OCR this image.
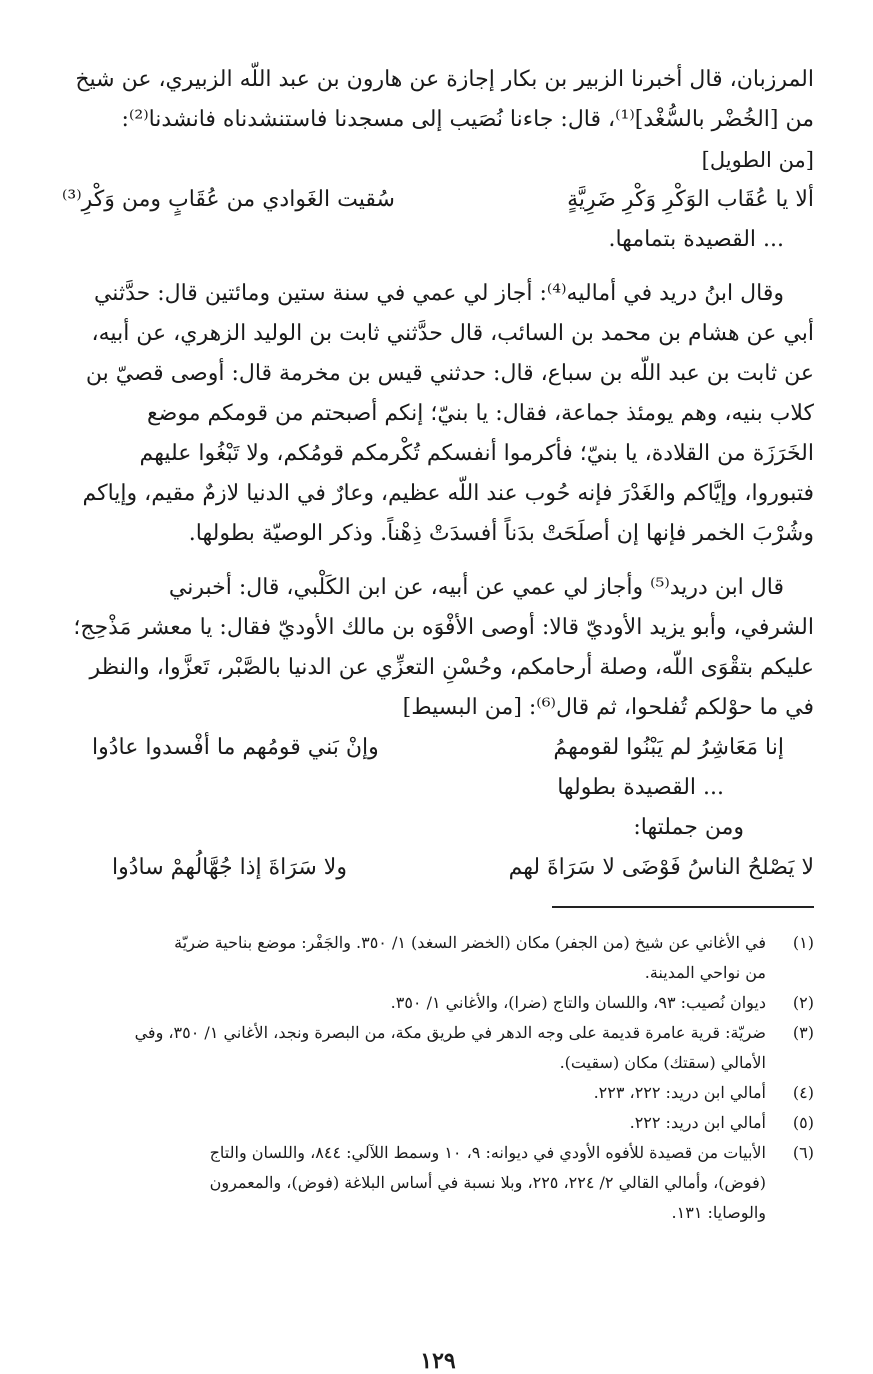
المرزبان، قال أخبرنا الزبير بن بكار إجازة عن هارون بن عبد اللّه الزبيري، عن شيخ
من [الخُضْر بالسُّغْد]⁽¹⁾، قال: جاءنا نُصَيب إلى مسجدنا فاستنشدناه فانشدنا⁽²⁾:
[من الطويل]
ألا يا عُقَاب الوَكْرِ وَكْرِ ضَرِيَّةٍ
سُقيت الغَوادي من عُقَابٍ ومن وَكْرِ⁽³⁾
... القصيدة بتمامها.
وقال ابنُ دريد في أماليه⁽⁴⁾: أجاز لي عمي في سنة ستين ومائتين قال: حدَّثني
أبي عن هشام بن محمد بن السائب، قال حدَّثني ثابت بن الوليد الزهري، عن أبيه،
عن ثابت بن عبد اللّه بن سباع، قال: حدثني قيس بن مخرمة قال: أوصى قصيّ بن
كلاب بنيه، وهم يومئذ جماعة، فقال: يا بنيّ؛ إنكم أصبحتم من قومكم موضع
الخَرَزَة من القلادة، يا بنيّ؛ فأكرموا أنفسكم تُكْرمكم قومُكم، ولا تَبْغُوا عليهم
فتبوروا، وإيَّاكم والغَدْرَ فإنه حُوب عند اللّه عظيم، وعارٌ في الدنيا لازمٌ مقيم، وإياكم
وشُرْبَ الخمر فإنها إن أصلَحَتْ بدَناً أفسدَتْ ذِهْناً. وذكر الوصيّة بطولها.
قال ابن دريد⁽⁵⁾ وأجاز لي عمي عن أبيه، عن ابن الكَلْبي، قال: أخبرني
الشرفي، وأبو يزيد الأوديّ قالا: أوصى الأفْوَه بن مالك الأوديّ فقال: يا معشر مَذْحِج؛
عليكم بتقْوَى اللّه، وصلة أرحامكم، وحُسْنِ التعزِّي عن الدنيا بالصَّبْر، تَعزَّوا، والنظر
في ما حوْلكم تُفلحوا، ثم قال⁽⁶⁾: [من البسيط]
إنا مَعَاشِرُ لم يَبْنُوا لقومهمُ
وإنْ بَني قومُهم ما أفْسدوا عادُوا
... القصيدة بطولها
ومن جملتها:
لا يَصْلحُ الناسُ فَوْضَى لا سَرَاةَ لهم
ولا سَرَاةَ إذا جُهَّالُهمْ سادُوا
(١)
في الأغاني عن شيخ (من الجفر) مكان (الخضر السغد) ١/ ٣٥٠. والجَفْر: موضع بناحية ضريّة
من نواحي المدينة.
(٢)
ديوان نُصيب: ٩٣، واللسان والتاج (ضرا)، والأغاني ١/ ٣٥٠.
(٣)
ضريّة: قرية عامرة قديمة على وجه الدهر في طريق مكة، من البصرة ونجد، الأغاني ١/ ٣٥٠، وفي
الأمالي (سقتك) مكان (سقيت).
(٤)
أمالي ابن دريد: ٢٢٢، ٢٢٣.
(٥)
أمالي ابن دريد: ٢٢٢.
(٦)
الأبيات من قصيدة للأفوه الأودي في ديوانه: ٩، ١٠ وسمط اللآلي: ٨٤٤، واللسان والتاج
(فوض)، وأمالي القالي ٢/ ٢٢٤، ٢٢٥، وبلا نسبة في أساس البلاغة (فوض)، والمعمرون
والوصايا: ١٣١.
١٢٩
